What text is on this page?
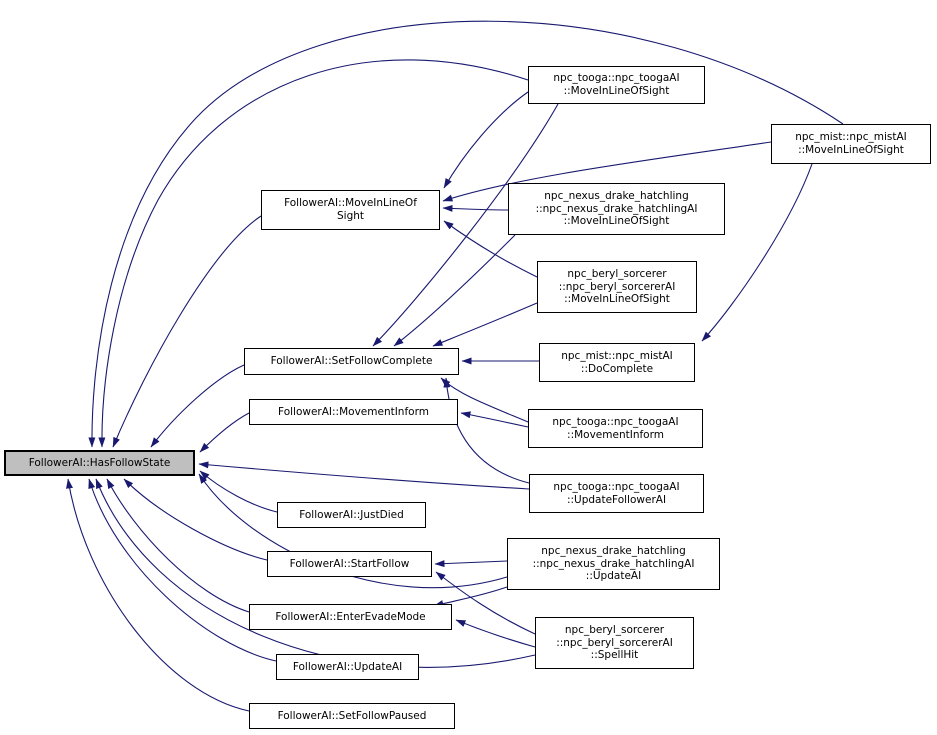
FollowerAI::HasFollowState
npc_tooga::npc_toogaAI
::MoveInLineOfSight
npc_mist::npc_mistAI
::MoveInLineOfSight
FollowerAI::MoveInLineOf
Sight
npc_nexus_drake_hatchling
::npc_nexus_drake_hatchlingAI
::MoveInLineOfSight
npc_beryl_sorcerer
::npc_beryl_sorcererAI
::MoveInLineOfSight
FollowerAI::SetFollowComplete	npc_mist::npc_mistAI
::DoComplete
FollowerAI::MovementInform
npc_tooga::npc_toogaAI
::MovementInform
npc_tooga::npc_toogaAI
::UpdateFollowerAI
FollowerAI::JustDied
FollowerAI::StartFollow
npc_nexus_drake_hatchling
::npc_nexus_drake_hatchlingAI
::UpdateAI
FollowerAI::EnterEvadeMode
npc_beryl_sorcerer
::npc_beryl_sorcererAI
::SpellHit
FollowerAI::UpdateAI
FollowerAI::SetFollowPaused
